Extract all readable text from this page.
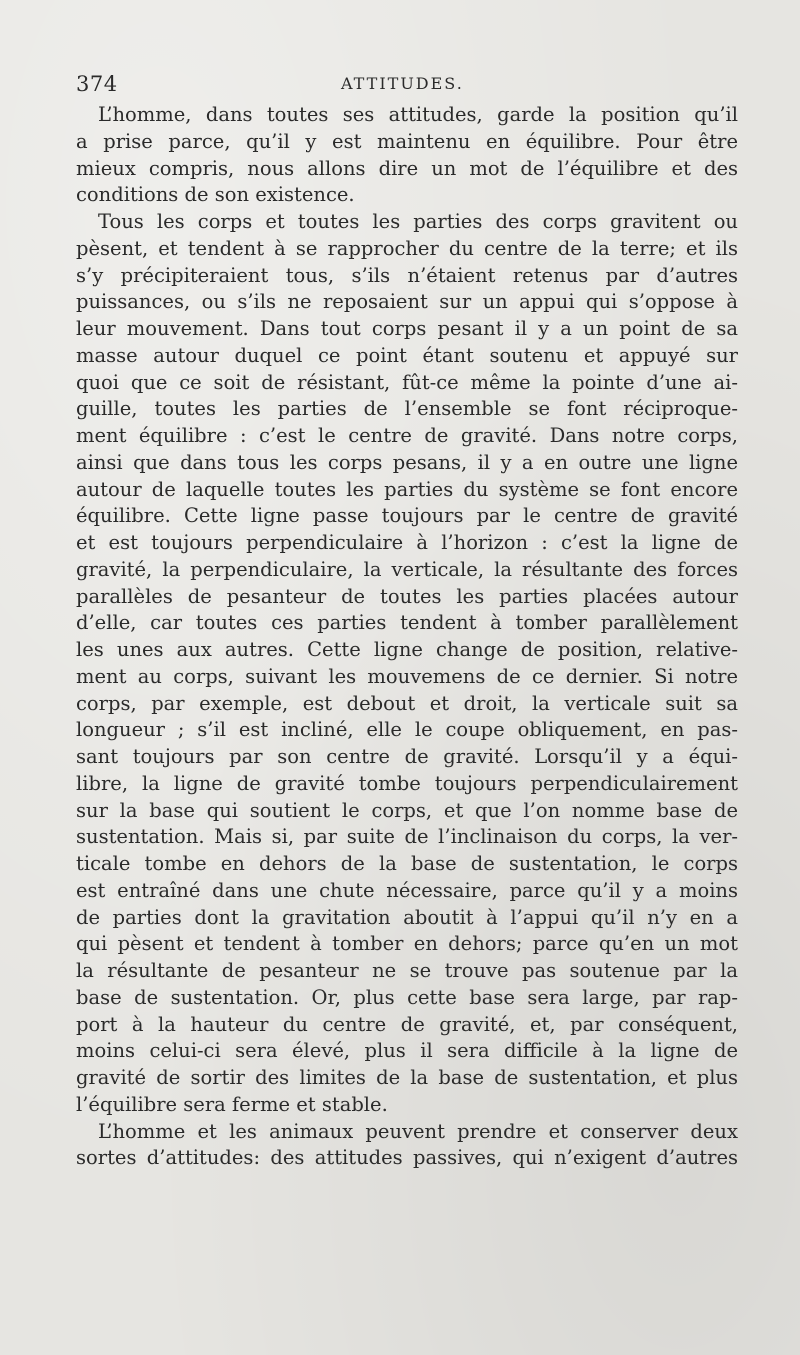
374	ATTITUDES.

L’homme, dans toutes ses attitudes, garde la position qu’il
a prise parce, qu’il y est maintenu en équilibre. Pour être
mieux compris, nous allons dire un mot de l’équilibre et des
conditions de son existence.

Tous les corps et toutes les parties des corps gravitent ou
pèsent, et tendent à se rapprocher du centre de la terre; et ils
s’y précipiteraient tous, s’ils n’étaient retenus par d’autres
puissances, ou s’ils ne reposaient sur un appui qui s’oppose à
leur mouvement. Dans tout corps pesant il y a un point de sa
masse autour duquel ce point étant soutenu et appuyé sur
quoi que ce soit de résistant, fût-ce même la pointe d’une ai-
guille, toutes les parties de l’ensemble se font réciproque-
ment équilibre : c’est le centre de gravité. Dans notre corps,
ainsi que dans tous les corps pesans, il y a en outre une ligne
autour de laquelle toutes les parties du système se font encore
équilibre. Cette ligne passe toujours par le centre de gravité
et est toujours perpendiculaire à l’horizon : c’est la ligne de
gravité, la perpendiculaire, la verticale, la résultante des forces
parallèles de pesanteur de toutes les parties placées autour
d’elle, car toutes ces parties tendent à tomber parallèlement
les unes aux autres. Cette ligne change de position, relative-
ment au corps, suivant les mouvemens de ce dernier. Si notre
corps, par exemple, est debout et droit, la verticale suit sa
longueur ; s’il est incliné, elle le coupe obliquement, en pas-
sant toujours par son centre de gravité. Lorsqu’il y a équi-
libre, la ligne de gravité tombe toujours perpendiculairement
sur la base qui soutient le corps, et que l’on nomme base de
sustentation. Mais si, par suite de l’inclinaison du corps, la ver-
ticale tombe en dehors de la base de sustentation, le corps
est entraîné dans une chute nécessaire, parce qu’il y a moins
de parties dont la gravitation aboutit à l’appui qu’il n’y en a
qui pèsent et tendent à tomber en dehors; parce qu’en un mot
la résultante de pesanteur ne se trouve pas soutenue par la
base de sustentation. Or, plus cette base sera large, par rap-
port à la hauteur du centre de gravité, et, par conséquent,
moins celui-ci sera élevé, plus il sera difficile à la ligne de
gravité de sortir des limites de la base de sustentation, et plus
l’équilibre sera ferme et stable.

L’homme et les animaux peuvent prendre et conserver deux
sortes d’attitudes: des attitudes passives, qui n’exigent d’autres
